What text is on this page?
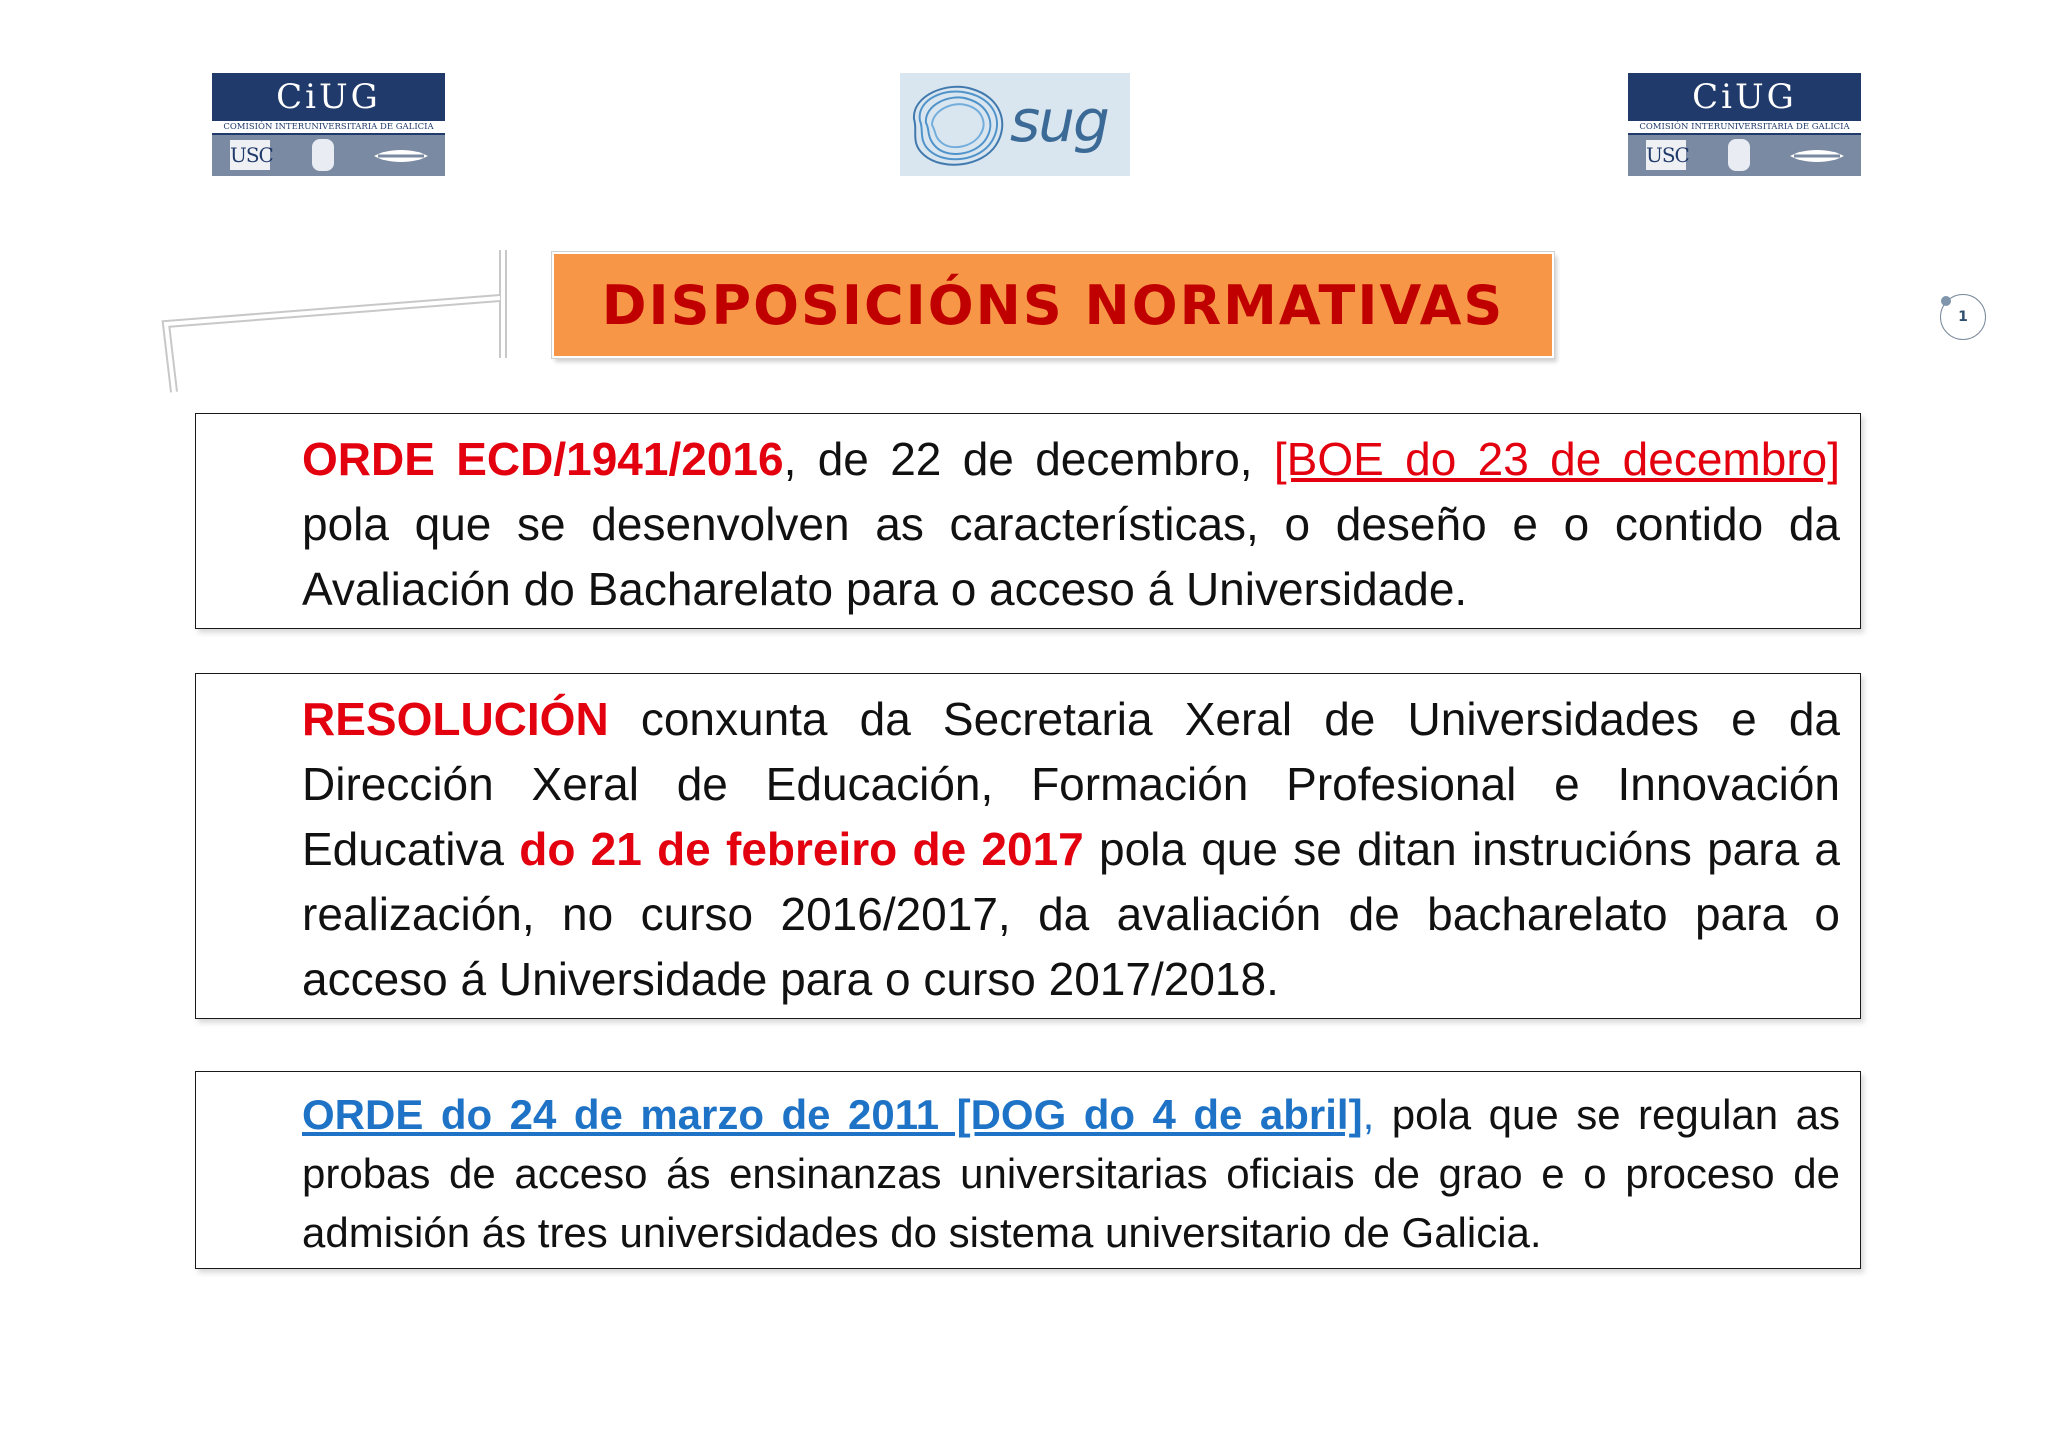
CiUG
COMISIÓN INTERUNIVERSITARIA DE GALICIA
USC	sug	CiUG
COMISIÓN INTERUNIVERSITARIA DE GALICIA
USC
DISPOSICIÓNS NORMATIVAS	1
ORDE ECD/1941/2016, de 22 de decembro, [BOE do 23 de decembro] pola que se desenvolven as características, o deseño e o contido da Avaliación do Bacharelato para o acceso á Universidade.
RESOLUCIÓN conxunta da Secretaria Xeral de Universidades e da Dirección Xeral de Educación, Formación Profesional e Innovación Educativa do 21 de febreiro de 2017 pola que se ditan instrucións para a realización, no curso 2016/2017, da avaliación de bacharelato para o acceso á Universidade para o curso 2017/2018.
ORDE do 24 de marzo de 2011 [DOG do 4 de abril], pola que se regulan as probas de acceso ás ensinanzas universitarias oficiais de grao e o proceso de admisión ás tres universidades do sistema universitario de Galicia.
